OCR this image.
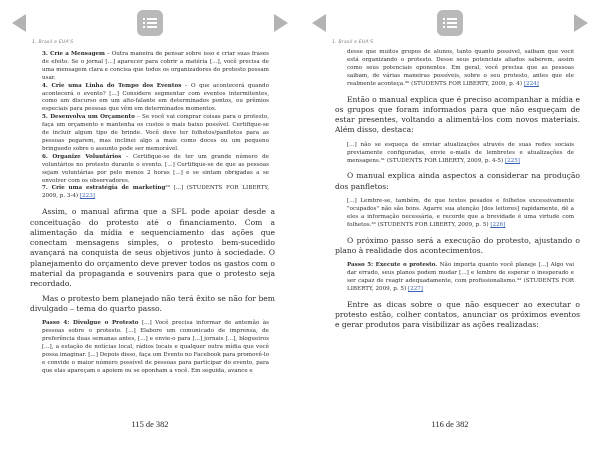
1. Brasil e EUA'S

3. Crie a Mensagem – Outra maneira de pensar sobre isso é criar suas frases de efeito. Se o jornal [...] aparecer para cobrir a matéria [...], você precisa de uma mensagem clara e concisa que todos os organizadores do protesto possam usar.

4. Crie uma Linha do Tempo dos Eventos – O que acontecerá quando acontecerá o evento? [...] Considere segmentar com eventos intermitentes, como um discurso em um alto-falante em determinados pontos, ou prêmios especiais para pessoas que vêm em determinados momentos.

5. Desenvolva um Orçamento – Se você vai comprar coisas para o protesto, faça um orçamento e mantenha os custos o mais baixo possível. Certifique-se de incluir algum tipo de brinde. Você deve ter folhetos/panfletos para as pessoas pegarem, mas inclinei algo a mais como doces ou um pequeno bringuedo sobre o assunto pode ser memorável.

6. Organize Voluntários – Certifique-se de ter um grande número de voluntários no protesto durante o evento. [...] Certifique-se de que as pessoas sejam voluntárias por pelo menos 2 horas [...] e se sintam obrigadas a se envolver com os observadores.

7. Crie uma estratégia de marketing²⁹ [...] (STUDENTS FOR LIBERTY, 2009, p. 3-4) [223]

Assim, o manual afirma que a SFL pode apoiar desde a conceituação do protesto até o financiamento. Com a alimentação da mídia e sequenciamento das ações que conectam mensagens simples, o protesto bem-sucedido avançará na conquista de seus objetivos junto à sociedade. O planejamento do orçamento deve prever todos os gastos com o material da propaganda e souvenirs para que o protesto seja recordado.

Mas o protesto bem planejado não terá êxito se não for bem divulgado – tema do quarto passo.

Passo 4: Divulgue o Protesto [...] Você precisa informar de antemão às pessoas sobre o protesto. [...] Elabore um comunicado de imprensa, de preferência duas semanas antes, [...] e envie-o para [...] jornais [...], blogueiros [...], a estação de notícias local, rádios locais e qualquer outra mídia que você possa imaginar. [...] Depois disso, faça um Evento no Facebook para promovê-lo e convide o maior número possível de pessoas para participar do evento, para que elas apareçam e apoiem ou se oponham a você. Em seguida, avance e

115 de 382
1. Brasil e EUA'S

desse que muitos grupos de alunos, tanto quanto possível, saibam que você está organizando o protesto. Desse seus potenciais aliados saberem, assim como seus potenciais oponentes. Em geral, você precisa que as pessoas saibam, de várias maneiras possíveis, sobre o seu protesto, antes que ele realmente aconteça.³⁰ (STUDENTS FOR LIBERTY, 2009, p. 4) [224]

Então o manual explica que é preciso acompanhar a mídia e os grupos que foram informados para que não esqueçam de estar presentes, voltando a alimentá-los com novos materiais. Além disso, destaca:

[...] não se esqueça de enviar atualizações através de suas redes sociais previamente configuradas, envie e-mails de lembretes e atualizações de mensagens.³¹ (STUDENTS FOR LIBERTY, 2009, p. 4-5) [225]

O manual explica ainda aspectos a considerar na produção dos panfletos:

[...] Lembre-se, também, de que textos pesados e folhetos excessivamente "ocupados" não são bons. Agarre sua atenção [dos leitores] rapidamente, dê a eles a informação necessária, e recorde que a brevidade é uma virtude com folhetos.³² (STUDENTS FOR LIBERTY, 2009, p. 5) [226]

O próximo passo será a execução do protesto, ajustando o plano à realidade dos acontecimentos.

Passo 5: Execute o protesto. Não importa quanto você planeje [...] Algo vai dar errado, seus planos podem mudar [...] e lembre de esperar o inesperado e ser capaz de reagir adequadamente, com profissionalismo.³³ (STUDENTS FOR LIBERTY, 2009, p. 5) [227]

Entre as dicas sobre o que não esquecer ao executar o protesto estão, colher contatos, anunciar os próximos eventos e gerar produtos para visibilizar as ações realizadas:

116 de 382
